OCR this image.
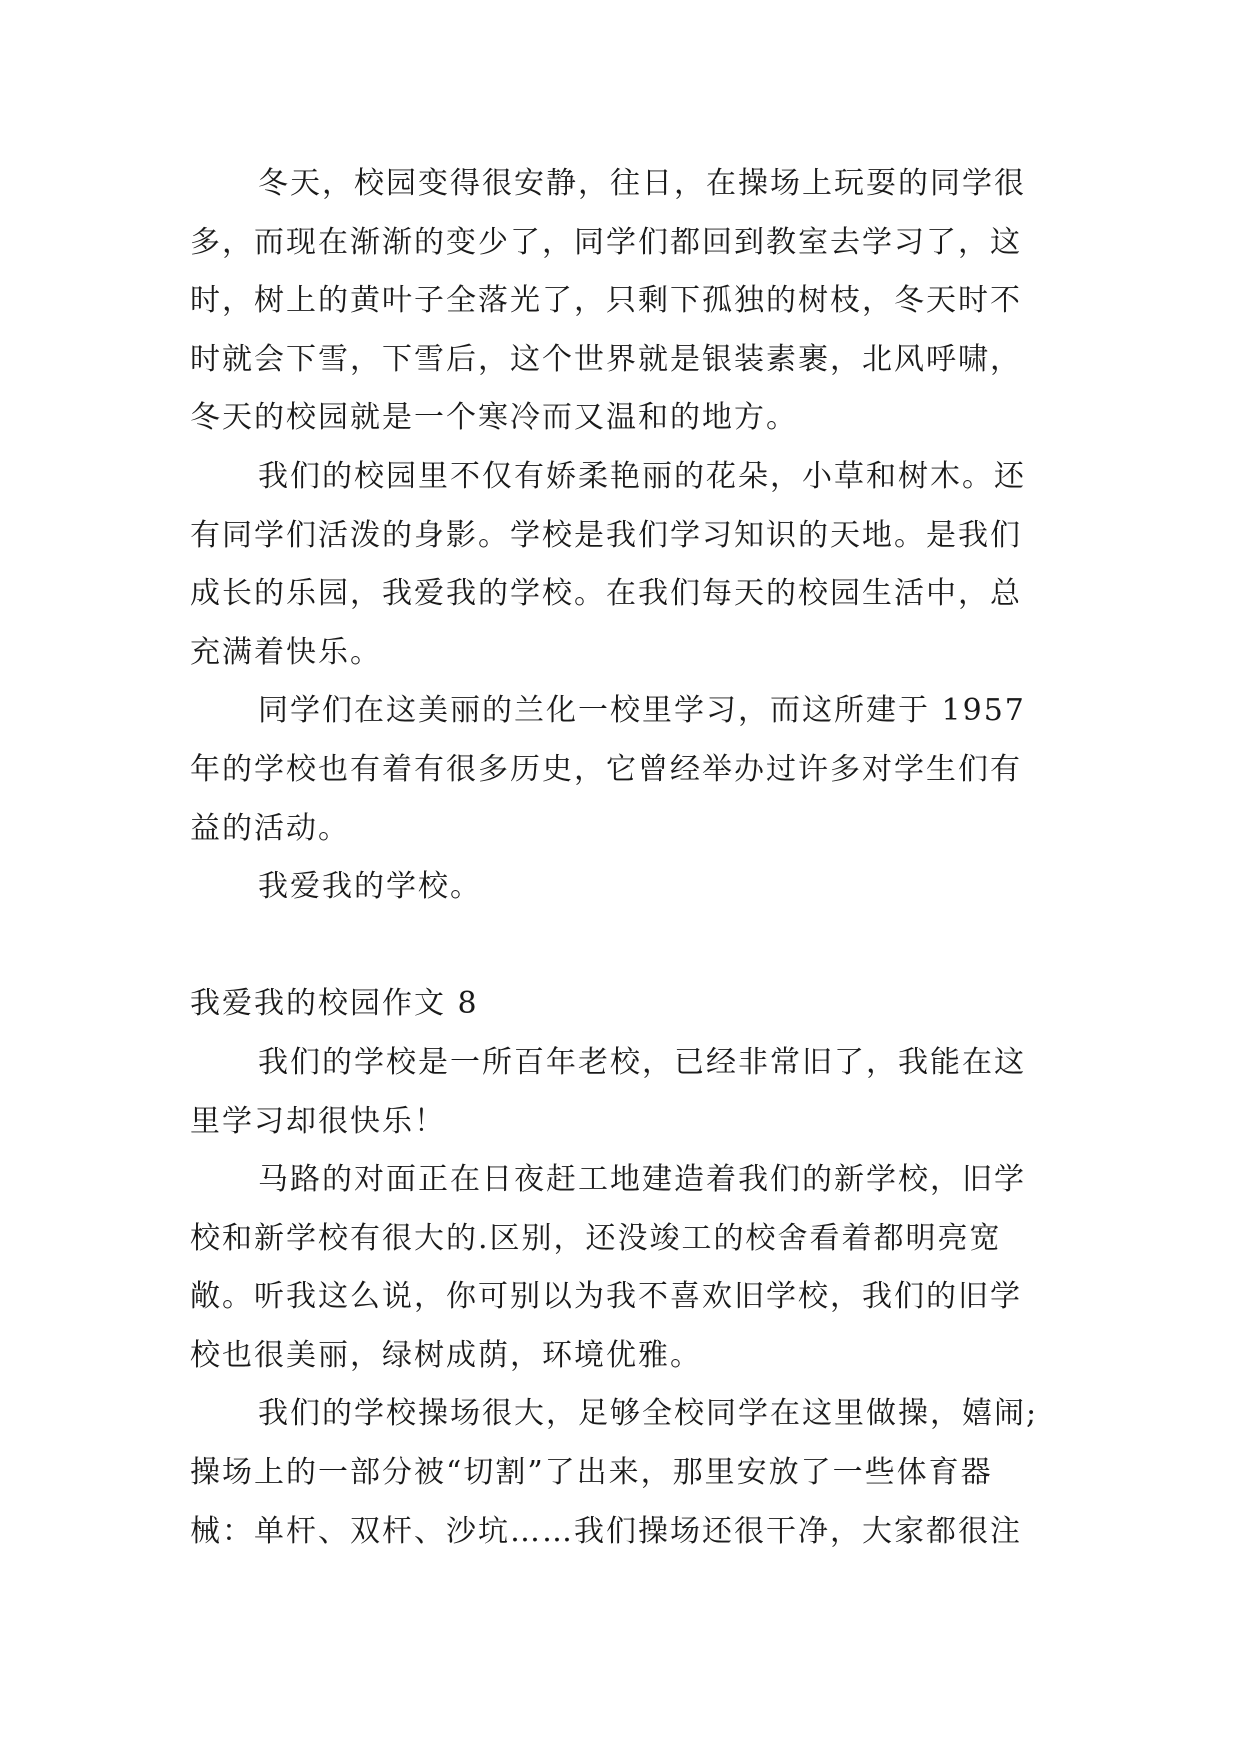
冬天，校园变得很安静，往日，在操场上玩耍的同学很
多，而现在渐渐的变少了，同学们都回到教室去学习了，这
时，树上的黄叶子全落光了，只剩下孤独的树枝，冬天时不
时就会下雪，下雪后，这个世界就是银装素裹，北风呼啸，
冬天的校园就是一个寒冷而又温和的地方。
我们的校园里不仅有娇柔艳丽的花朵，小草和树木。还
有同学们活泼的身影。学校是我们学习知识的天地。是我们
成长的乐园，我爱我的学校。在我们每天的校园生活中，总
充满着快乐。
同学们在这美丽的兰化一校里学习，而这所建于 1957
年的学校也有着有很多历史，它曾经举办过许多对学生们有
益的活动。
我爱我的学校。
我爱我的校园作文 8
我们的学校是一所百年老校，已经非常旧了，我能在这
里学习却很快乐！
马路的对面正在日夜赶工地建造着我们的新学校，旧学
校和新学校有很大的.区别，还没竣工的校舍看着都明亮宽
敞。听我这么说，你可别以为我不喜欢旧学校，我们的旧学
校也很美丽，绿树成荫，环境优雅。
我们的学校操场很大，足够全校同学在这里做操，嬉闹;
操场上的一部分被“切割”了出来，那里安放了一些体育器
械：单杆、双杆、沙坑……我们操场还很干净，大家都很注
